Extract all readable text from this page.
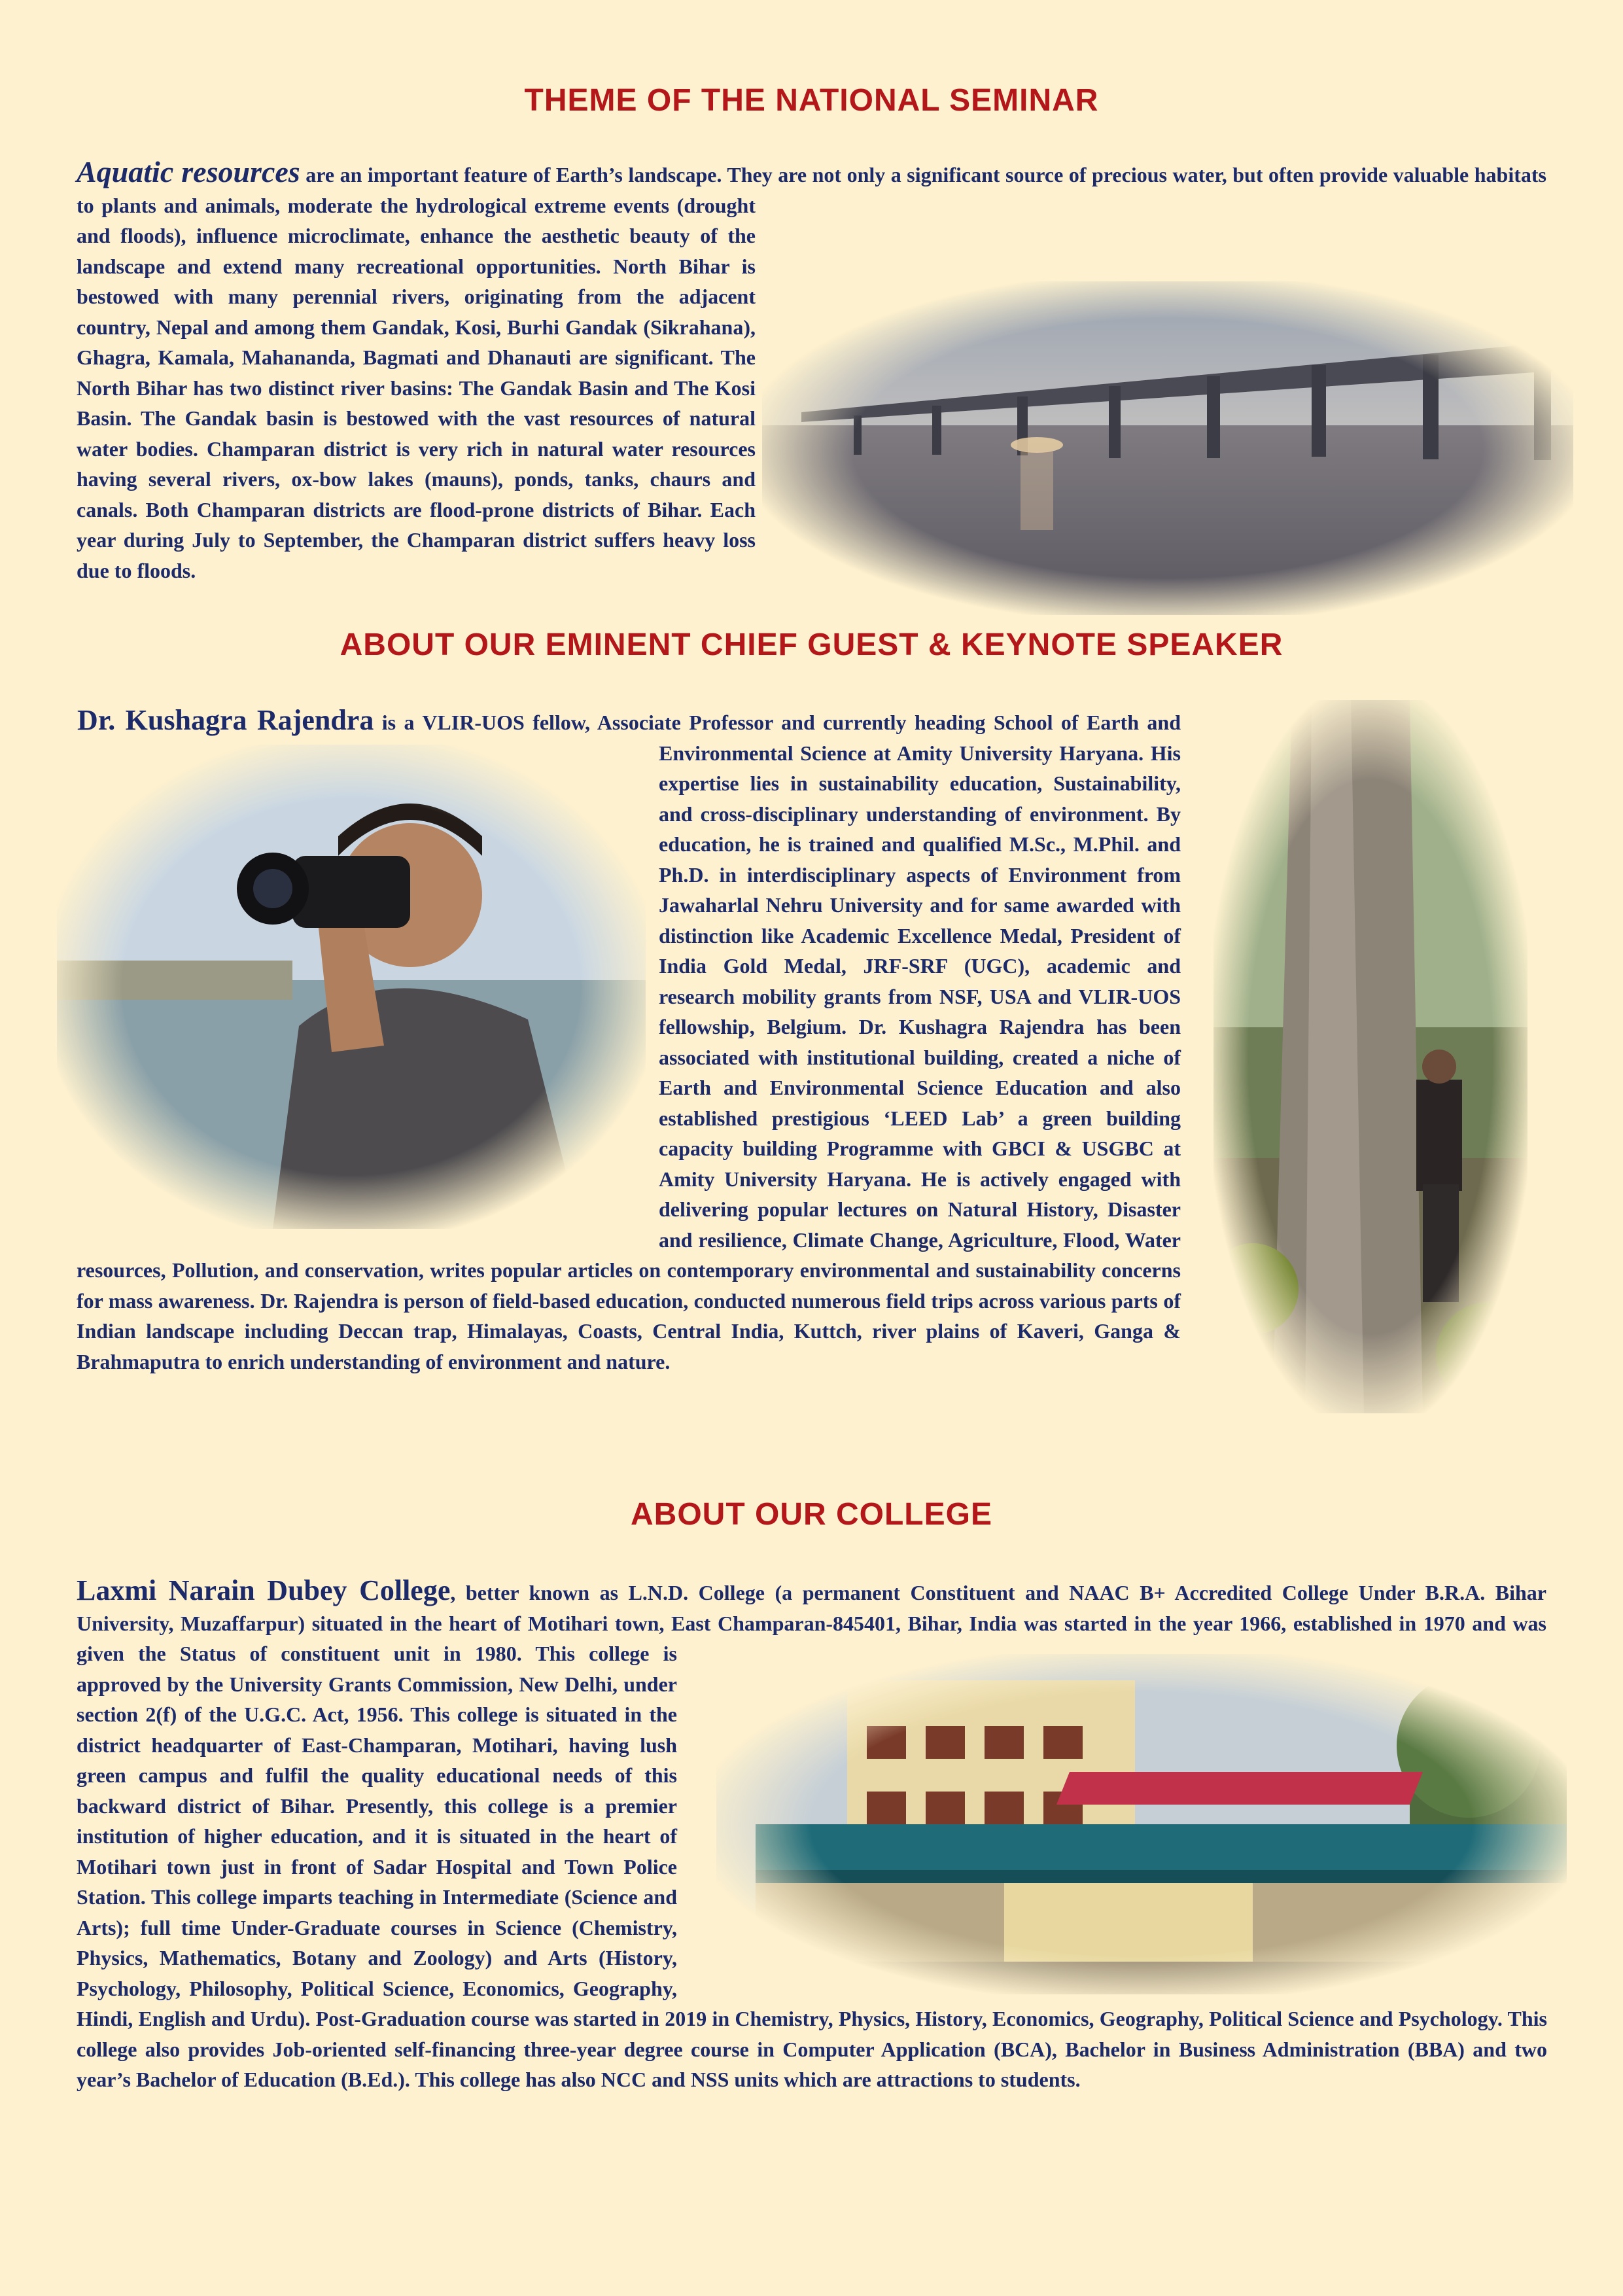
THEME OF THE NATIONAL SEMINAR
Aquatic resources are an important feature of Earth’s landscape. They are not only a significant source of precious water, but often provide valuable habitats to plants and animals, moderate the hydrological extreme events (drought and floods), influence microclimate, enhance the aesthetic beauty of the landscape and extend many recreational opportunities. North Bihar is bestowed with many perennial rivers, originating from the adjacent country, Nepal and among them Gandak, Kosi, Burhi Gandak (Sikrahana), Ghagra, Kamala, Mahananda, Bagmati and Dhanauti are significant. The North Bihar has two distinct river basins: The Gandak Basin and The Kosi Basin. The Gandak basin is bestowed with the vast resources of natural water bodies. Champaran district is very rich in natural water resources having several rivers, ox-bow lakes (mauns), ponds, tanks, chaurs and canals. Both Champaran districts are flood-prone districts of Bihar. Each year during July to September, the Champaran district suffers heavy loss due to floods.
ABOUT OUR EMINENT CHIEF GUEST & KEYNOTE SPEAKER
Dr. Kushagra Rajendra is a VLIR-UOS fellow, Associate Professor and currently heading School of Earth and Environmental Science at Amity University Haryana. His expertise lies in sustainability education, Sustainability, and cross-disciplinary understanding of environment. By education, he is trained and qualified M.Sc., M.Phil. and Ph.D. in interdisciplinary aspects of Environment from Jawaharlal Nehru University and for same awarded with distinction like Academic Excellence Medal, President of India Gold Medal, JRF-SRF (UGC), academic and research mobility grants from NSF, USA and VLIR-UOS fellowship, Belgium. Dr. Kushagra Rajendra has been associated with institutional building, created a niche of Earth and Environmental Science Education and also established prestigious ‘LEED Lab’ a green building capacity building Programme with GBCI & USGBC at Amity University Haryana. He is actively engaged with delivering popular lectures on Natural History, Disaster and resilience, Climate Change, Agriculture, Flood, Water resources, Pollution, and conservation, writes popular articles on contemporary environmental and sustainability concerns for mass awareness. Dr. Rajendra is person of field-based education, conducted numerous field trips across various parts of Indian landscape including Deccan trap, Himalayas, Coasts, Central India, Kuttch, river plains of Kaveri, Ganga & Brahmaputra to enrich understanding of environment and nature.
ABOUT OUR COLLEGE
Laxmi Narain Dubey College, better known as L.N.D. College (a permanent Constituent and NAAC B+ Accredited College Under B.R.A. Bihar University, Muzaffarpur) situated in the heart of Motihari town, East Champaran-845401, Bihar, India was started in the year 1966, established in 1970 and was given the Status of constituent unit in 1980. This college is approved by the University Grants Commission, New Delhi, under section 2(f) of the U.G.C. Act, 1956. This college is situated in the district headquarter of East-Champaran, Motihari, having lush green campus and fulfil the quality educational needs of this backward district of Bihar. Presently, this college is a premier institution of higher education, and it is situated in the heart of Motihari town just in front of Sadar Hospital and Town Police Station. This college imparts teaching in Intermediate (Science and Arts); full time Under-Graduate courses in Science (Chemistry, Physics, Mathematics, Botany and Zoology) and Arts (History, Psychology, Philosophy, Political Science, Economics, Geography, Hindi, English and Urdu). Post-Graduation course was started in 2019 in Chemistry, Physics, History, Economics, Geography, Political Science and Psychology. This college also provides Job-oriented self-financing three-year degree course in Computer Application (BCA), Bachelor in Business Administration (BBA) and two year’s Bachelor of Education (B.Ed.). This college has also NCC and NSS units which are attractions to students.
